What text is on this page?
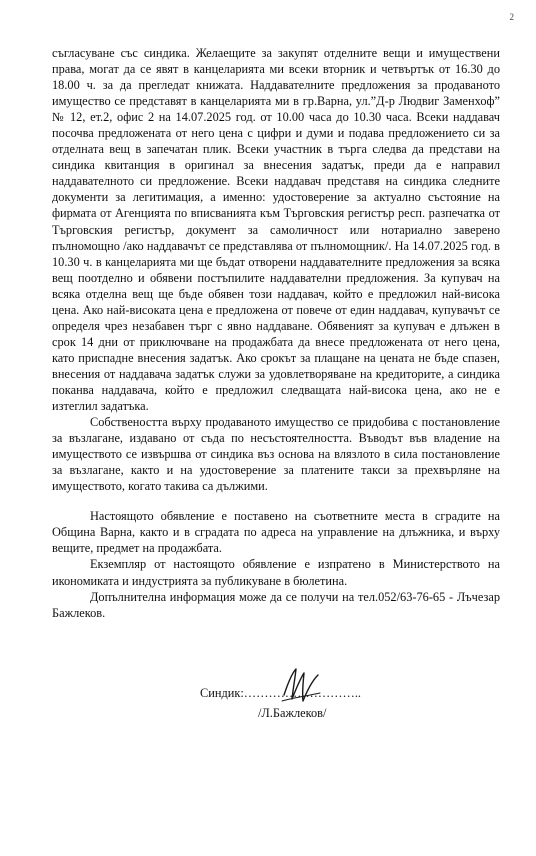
2

съгласуване със синдика. Желаещите за закупят отделните вещи и имуществени права, могат да се явят в канцеларията ми всеки вторник и четвъртък от 16.30 до 18.00 ч. за да прегледат книжата. Наддавателните предложения за продаваното имущество се представят в канцеларията ми в гр.Варна, ул.”Д-р Людвиг Заменхоф” № 12, ет.2, офис 2 на 14.07.2025 год. от 10.00 часа до 10.30 часа. Всеки наддавач посочва предложената от него цена с цифри и думи и подава предложението си за отделната вещ в запечатан плик. Всеки участник в търга следва да представи на синдика квитанция в оригинал за внесения задатък, преди да е направил наддавателното си предложение. Всеки наддавач представя на синдика следните документи за легитимация, а именно: удостоверение за актуално състояние на фирмата от Агенцията по вписванията към Търговския регистър респ. разпечатка от Търговския регистър, документ за самоличност или нотариално заверено пълномощно /ако наддавачът се представлява от пълномощник/. На 14.07.2025 год. в 10.30 ч. в канцеларията ми ще бъдат отворени наддавателните предложения за всяка вещ поотделно и обявени постъпилите наддавателни предложения. За купувач на всяка отделна вещ ще бъде обявен този наддавач, който е предложил най-висока цена. Ако най-високата цена е предложена от повече от един наддавач, купувачът се определя чрез незабавен търг с явно наддаване. Обявеният за купувач е длъжен в срок 14 дни от приключване на продажбата да внесе предложената от него цена, като приспадне внесения задатък. Ако срокът за плащане на цената не бъде спазен, внесения от наддавача задатък служи за удовлетворяване на кредиторите, а синдика поканва наддавача, който е предложил следващата най-висока цена, ако не е изтеглил задатъка.

Собствеността върху продаваното имущество се придобива с постановление за възлагане, издавано от съда по несъстоятелността. Въводът във владение на имуществото се извършва от синдика въз основа на влязлото в сила постановление за възлагане, както и на удостоверение за платените такси за прехвърляне на имуществото, когато такива са дължими.

Настоящото обявление е поставено на съответните места в сградите на Община Варна, както и в сградата по адреса на управление на длъжника, и върху вещите, предмет на продажбата.

Екземпляр от настоящото обявление е изпратено в Министерството на икономиката и индустрията за публикуване в бюлетина.

Допълнителна информация може да се получи на тел.052/63-76-65 - Лъчезар Бажлеков.

Синдик:………………………..
/Л.Бажлеков/
